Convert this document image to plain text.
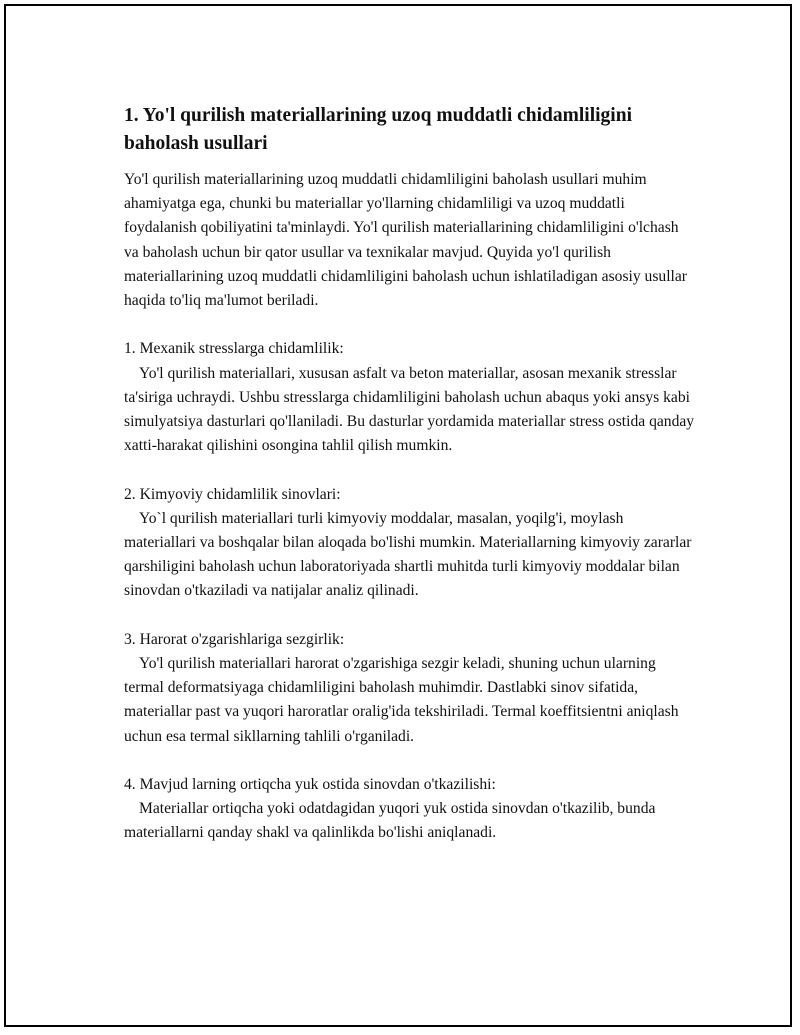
1. Yo'l qurilish materiallarining uzoq muddatli chidamliligini baholash usullari

Yo'l qurilish materiallarining uzoq muddatli chidamliligini baholash usullari muhim ahamiyatga ega, chunki bu materiallar yo'llarning chidamliligi va uzoq muddatli foydalanish qobiliyatini ta'minlaydi. Yo'l qurilish materiallarining chidamliligini o'lchash va baholash uchun bir qator usullar va texnikalar mavjud. Quyida yo'l qurilish materiallarining uzoq muddatli chidamliligini baholash uchun ishlatiladigan asosiy usullar haqida to'liq ma'lumot beriladi.

1. Mexanik stresslarga chidamlilik:

Yo'l qurilish materiallari, xususan asfalt va beton materiallar, asosan mexanik stresslar ta'siriga uchraydi. Ushbu stresslarga chidamliligini baholash uchun abaqus yoki ansys kabi simulyatsiya dasturlari qo'llaniladi. Bu dasturlar yordamida materiallar stress ostida qanday xatti-harakat qilishini osongina tahlil qilish mumkin.

2. Kimyoviy chidamlilik sinovlari:

Yo`l qurilish materiallari turli kimyoviy moddalar, masalan, yoqilg'i, moylash materiallari va boshqalar bilan aloqada bo'lishi mumkin. Materiallarning kimyoviy zararlar qarshiligini baholash uchun laboratoriyada shartli muhitda turli kimyoviy moddalar bilan sinovdan o'tkaziladi va natijalar analiz qilinadi.

3. Harorat o'zgarishlariga sezgirlik:

Yo'l qurilish materiallari harorat o'zgarishiga sezgir keladi, shuning uchun ularning termal deformatsiyaga chidamliligini baholash muhimdir. Dastlabki sinov sifatida, materiallar past va yuqori haroratlar oralig'ida tekshiriladi. Termal koeffitsientni aniqlash uchun esa termal sikllarning tahlili o'rganiladi.

4. Mavjud larning ortiqcha yuk ostida sinovdan o'tkazilishi:

Materiallar ortiqcha yoki odatdagidan yuqori yuk ostida sinovdan o'tkazilib, bunda materiallarni qanday shakl va qalinlikda bo'lishi aniqlanadi.
